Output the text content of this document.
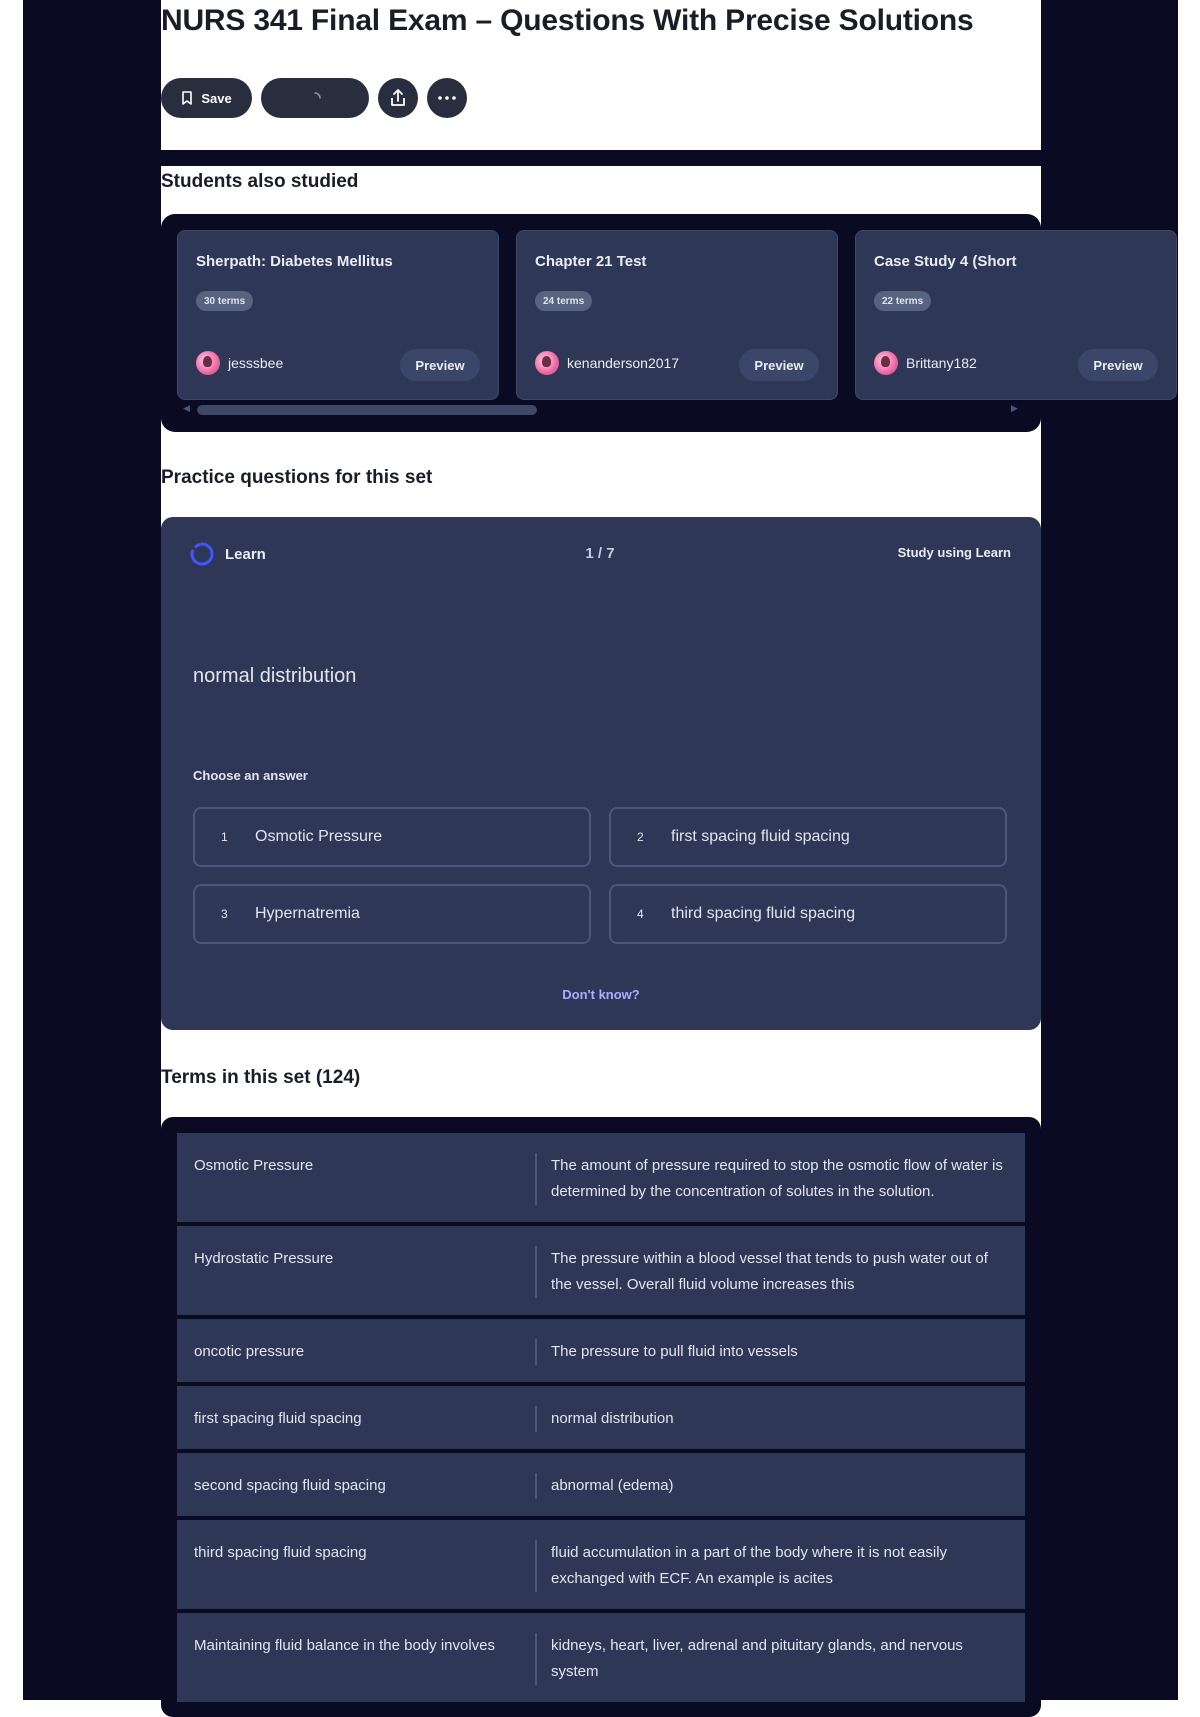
NURS 341 Final Exam – Questions With Precise Solutions
Save
Students also studied
Sherpath: Diabetes Mellitus
30 terms
jesssbee	Preview
Chapter 21 Test
24 terms
kenanderson2017	Preview
Case Study 4 (Short
22 terms
Brittany182	Preview
◀	▶
Practice questions for this set
Learn	1 / 7	Study using Learn
normal distribution
Choose an answer
1 Osmotic Pressure	2 first spacing fluid spacing
3 Hypernatremia	4 third spacing fluid spacing
Don't know?
Terms in this set (124)
Osmotic Pressure	The amount of pressure required to stop the osmotic flow of water is determined by the concentration of solutes in the solution.
Hydrostatic Pressure	The pressure within a blood vessel that tends to push water out of the vessel. Overall fluid volume increases this
oncotic pressure	The pressure to pull fluid into vessels
first spacing fluid spacing	normal distribution
second spacing fluid spacing	abnormal (edema)
third spacing fluid spacing	fluid accumulation in a part of the body where it is not easily exchanged with ECF. An example is acites
Maintaining fluid balance in the body involves	kidneys, heart, liver, adrenal and pituitary glands, and nervous system
